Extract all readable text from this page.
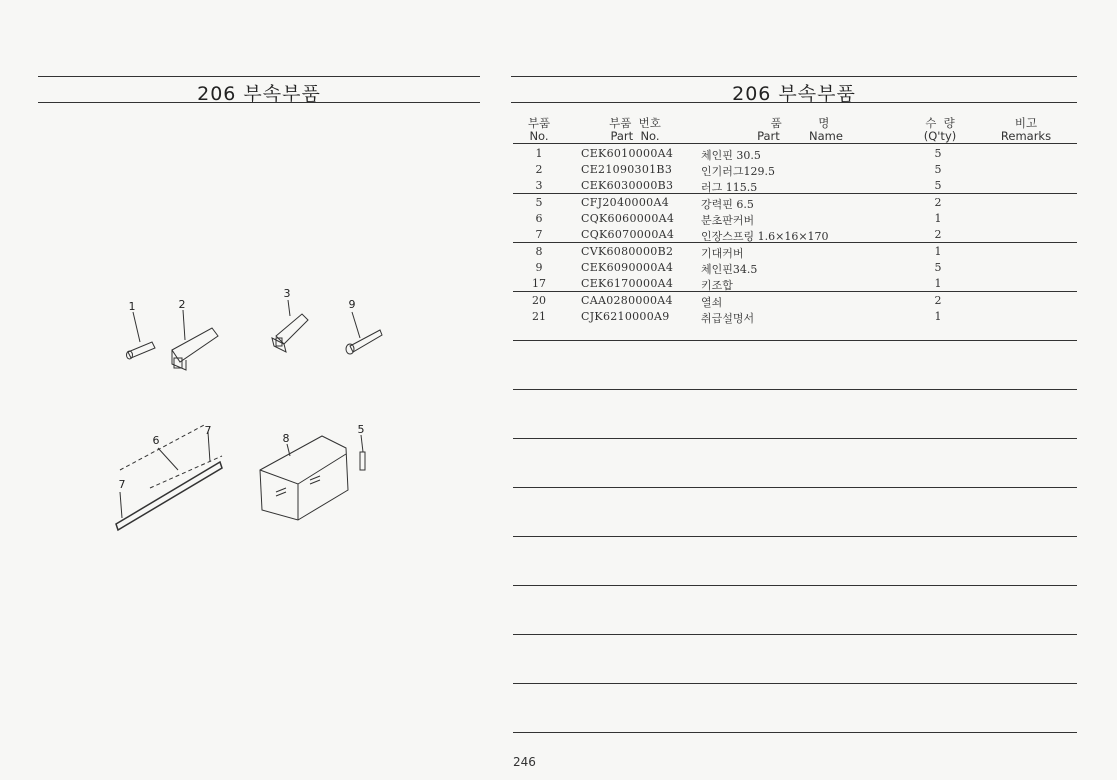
206 부속부품
1	2
3
9
6
7
7
8
5
206 부속부품
부품
No.
부품  번호
Part  No.
품          명
Part        Name
수  량
(Q'ty)
비고
Remarks
1	CEK6010000A4	체인핀 30.5	5
2	CE21090301B3	인기러그129.5	5
3	CEK6030000B3	러그 115.5	5
5	CFJ2040000A4	강력핀 6.5	2
6	CQK6060000A4 분초판커버	1
7	CQK6070000A4 인장스프링 1.6×16×170	2
8	CVK6080000B2	기대커버	1
9	CEK6090000A4	체인핀34.5	5
17	CEK6170000A4	키조합	1
20	CAA0280000A4	열쇠	2
21	CJK6210000A9	취급설명서	1
246
